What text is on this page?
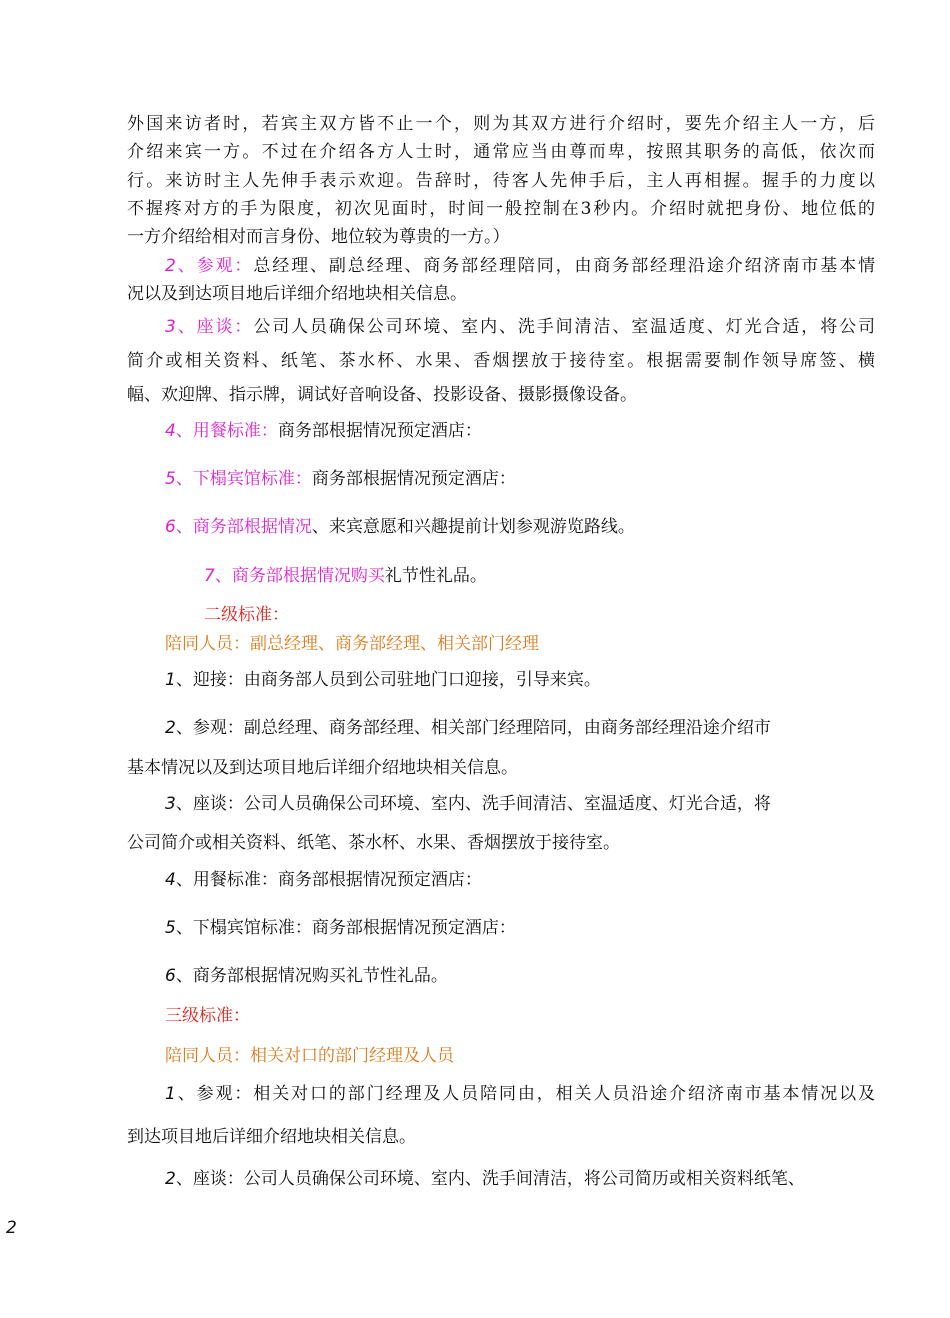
外国来访者时，若宾主双方皆不止一个，则为其双方进行介绍时，要先介绍主人一方，后
介绍来宾一方。不过在介绍各方人士时，通常应当由尊而卑，按照其职务的高低，依次而
行。来访时主人先伸手表示欢迎。告辞时，待客人先伸手后，主人再相握。握手的力度以
不握疼对方的手为限度，初次见面时，时间一般控制在3秒内。介绍时就把身份、地位低的
一方介绍给相对而言身份、地位较为尊贵的一方。）
2、参观：总经理、副总经理、商务部经理陪同，由商务部经理沿途介绍济南市基本情
况以及到达项目地后详细介绍地块相关信息。
3、座谈：公司人员确保公司环境、室内、洗手间清洁、室温适度、灯光合适，将公司
简介或相关资料、纸笔、茶水杯、水果、香烟摆放于接待室。根据需要制作领导席签、横
幅、欢迎牌、指示牌，调试好音响设备、投影设备、摄影摄像设备。
4、用餐标准：商务部根据情况预定酒店：
5、下榻宾馆标准：商务部根据情况预定酒店：
6、商务部根据情况、来宾意愿和兴趣提前计划参观游览路线。
7、商务部根据情况购买礼节性礼品。
二级标准：
陪同人员：副总经理、商务部经理、相关部门经理
1、迎接：由商务部人员到公司驻地门口迎接，引导来宾。
2、参观：副总经理、商务部经理、相关部门经理陪同，由商务部经理沿途介绍市
基本情况以及到达项目地后详细介绍地块相关信息。
3、座谈：公司人员确保公司环境、室内、洗手间清洁、室温适度、灯光合适，将
公司简介或相关资料、纸笔、茶水杯、水果、香烟摆放于接待室。
4、用餐标准：商务部根据情况预定酒店：
5、下榻宾馆标准：商务部根据情况预定酒店：
6、商务部根据情况购买礼节性礼品。
三级标准：
陪同人员：相关对口的部门经理及人员
1、参观：相关对口的部门经理及人员陪同由，相关人员沿途介绍济南市基本情况以及
到达项目地后详细介绍地块相关信息。
2、座谈：公司人员确保公司环境、室内、洗手间清洁，将公司简历或相关资料纸笔、
2
